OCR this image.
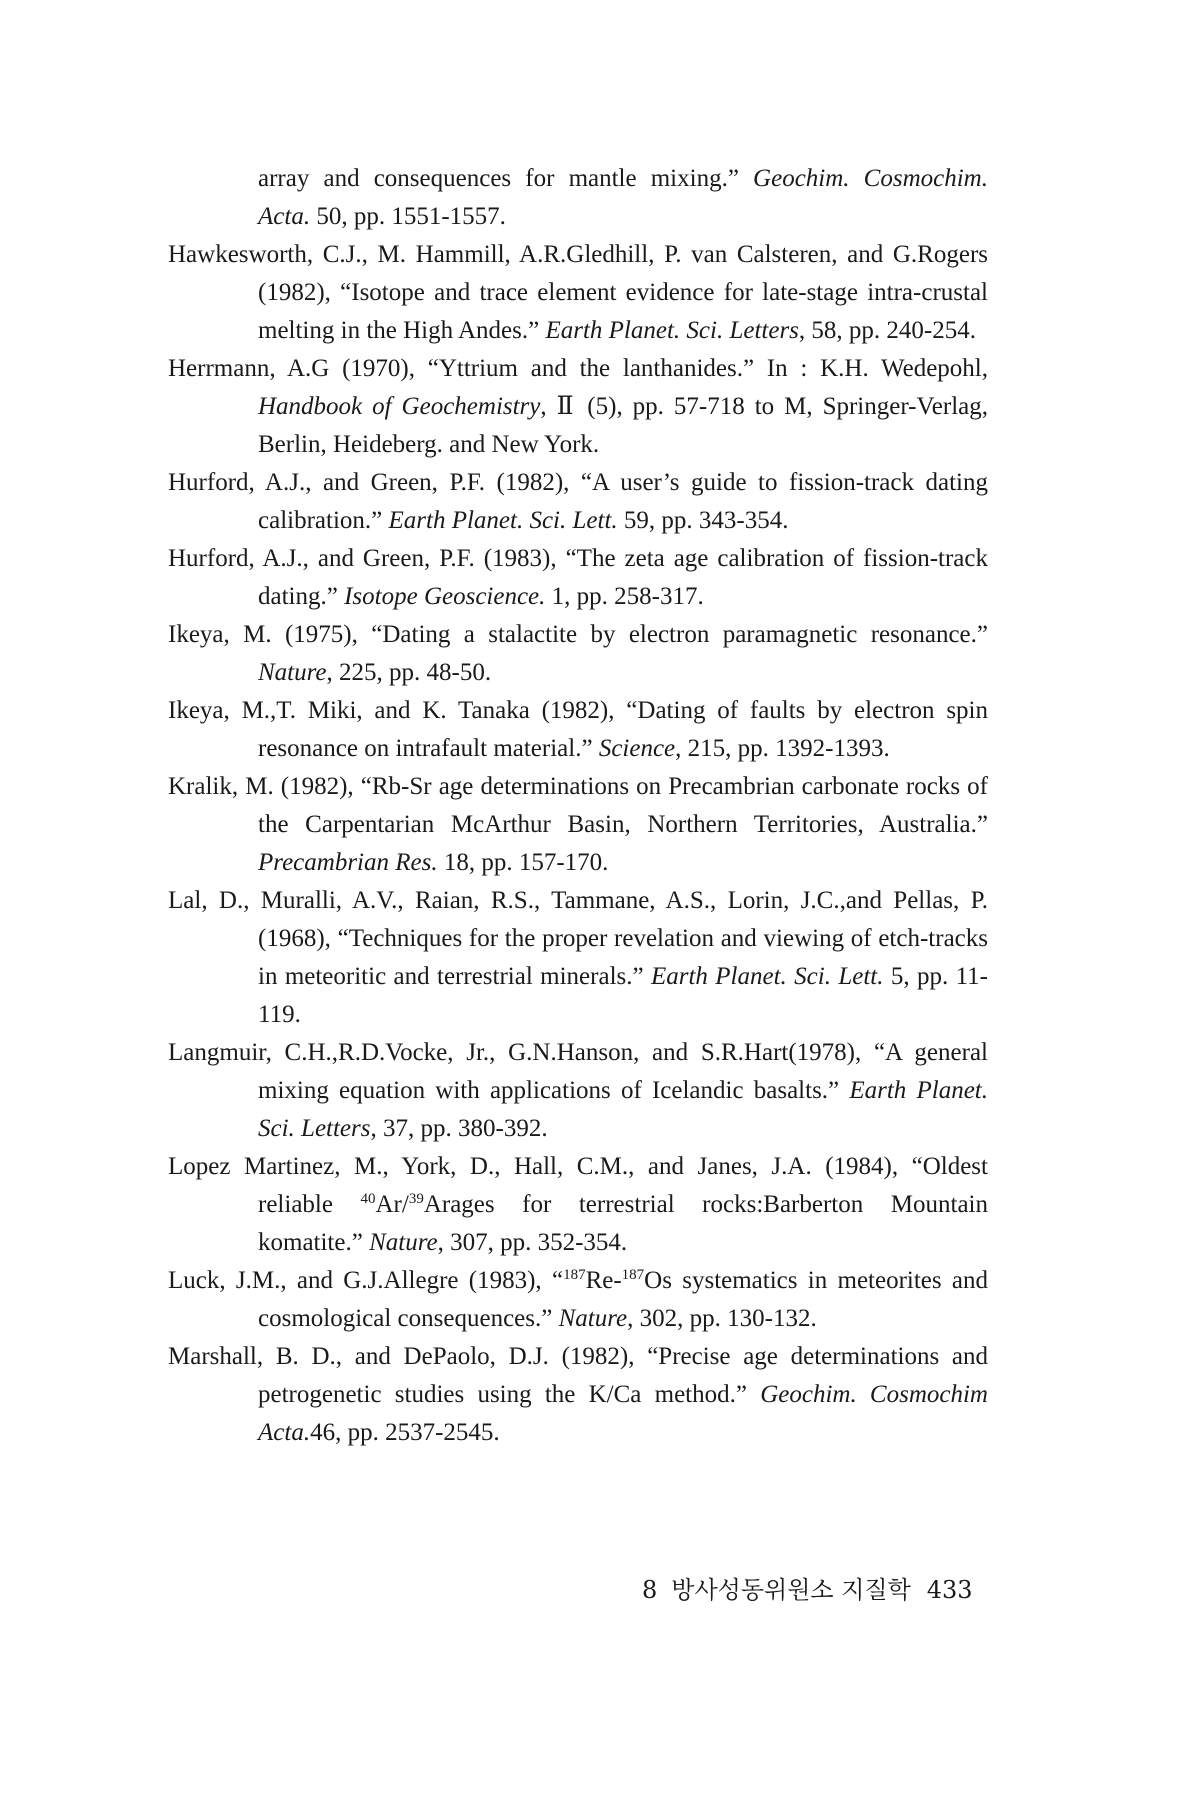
array and consequences for mantle mixing.” Geochim. Cosmochim. Acta. 50, pp. 1551-1557.

Hawkesworth, C.J., M. Hammill, A.R.Gledhill, P. van Calsteren, and G.Rogers (1982), “Isotope and trace element evidence for late-stage intra-crustal melting in the High Andes.” Earth Planet. Sci. Letters, 58, pp. 240-254.

Herrmann, A.G (1970), “Yttrium and the lanthanides.” In : K.H. Wedepohl, Handbook of Geochemistry, Ⅱ (5), pp. 57-718 to M, Springer-Verlag, Berlin, Heideberg. and New York.

Hurford, A.J., and Green, P.F. (1982), “A user’s guide to fission-track dating calibration.” Earth Planet. Sci. Lett. 59, pp. 343-354.

Hurford, A.J., and Green, P.F. (1983), “The zeta age calibration of fission-track dating.” Isotope Geoscience. 1, pp. 258-317.

Ikeya, M. (1975), “Dating a stalactite by electron paramagnetic resonance.” Nature, 225, pp. 48-50.

Ikeya, M.,T. Miki, and K. Tanaka (1982), “Dating of faults by electron spin resonance on intrafault material.” Science, 215, pp. 1392-1393.

Kralik, M. (1982), “Rb-Sr age determinations on Precambrian carbonate rocks of the Carpentarian McArthur Basin, Northern Territories, Australia.” Precambrian Res. 18, pp. 157-170.

Lal, D., Muralli, A.V., Raian, R.S., Tammane, A.S., Lorin, J.C.,and Pellas, P. (1968), “Techniques for the proper revelation and viewing of etch-tracks in meteoritic and terrestrial minerals.” Earth Planet. Sci. Lett. 5, pp. 11-119.

Langmuir, C.H.,R.D.Vocke, Jr., G.N.Hanson, and S.R.Hart(1978), “A general mixing equation with applications of Icelandic basalts.” Earth Planet. Sci. Letters, 37, pp. 380-392.

Lopez Martinez, M., York, D., Hall, C.M., and Janes, J.A. (1984), “Oldest reliable $^{40}$Ar/$^{39}$Arages for terrestrial rocks:Barberton Mountain komatite.” Nature, 307, pp. 352-354.

Luck, J.M., and G.J.Allegre (1983), “$^{187}$Re-$^{187}$Os systematics in meteorites and cosmological consequences.” Nature, 302, pp. 130-132.

Marshall, B. D., and DePaolo, D.J. (1982), “Precise age determinations and petrogenetic studies using the K/Ca method.” Geochim. Cosmochim Acta.46, pp. 2537-2545.

8 방사성동위원소 지질학 433
